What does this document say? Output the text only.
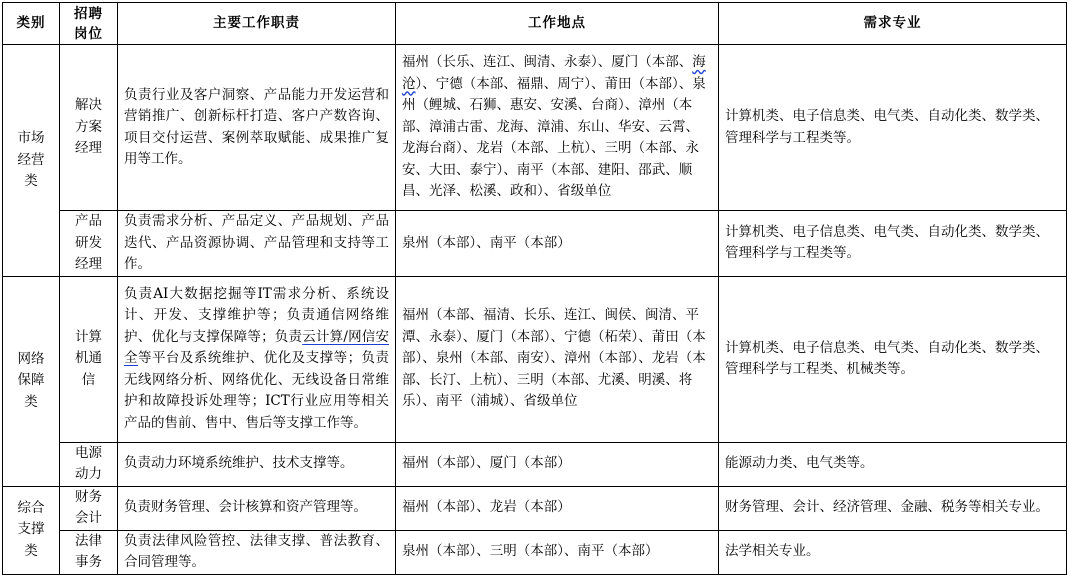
类别	招聘岗位	主要工作职责	工作地点	需求专业
市场经营类	解决方案经理	负责行业及客户洞察、产品能力开发运营和营销推广、创新标杆打造、客户产数咨询、项目交付运营、案例萃取赋能、成果推广复用等工作。	福州（长乐、连江、闽清、永泰）、厦门（本部、海沧）、宁德（本部、福鼎、周宁）、莆田（本部）、泉州（鲤城、石狮、惠安、安溪、台商）、漳州（本部、漳浦古雷、龙海、漳浦、东山、华安、云霄、龙海台商）、龙岩（本部、上杭）、三明（本部、永安、大田、泰宁）、南平（本部、建阳、邵武、顺昌、光泽、松溪、政和）、省级单位	计算机类、电子信息类、电气类、自动化类、数学类、管理科学与工程类等。
	产品研发经理	负责需求分析、产品定义、产品规划、产品迭代、产品资源协调、产品管理和支持等工作。	泉州（本部）、南平（本部）	计算机类、电子信息类、电气类、自动化类、数学类、管理科学与工程类等。
网络保障类	计算机通信	负责AI大数据挖掘等IT需求分析、系统设计、开发、支撑维护等；负责通信网络维护、优化与支撑保障等；负责云计算/网信安全等平台及系统维护、优化及支撑等；负责无线网络分析、网络优化、无线设备日常维护和故障投诉处理等；ICT行业应用等相关产品的售前、售中、售后等支撑工作等。	福州（本部、福清、长乐、连江、闽侯、闽清、平潭、永泰）、厦门（本部）、宁德（柘荣）、莆田（本部）、泉州（本部、南安）、漳州（本部）、龙岩（本部、长汀、上杭）、三明（本部、尤溪、明溪、将乐）、南平（浦城）、省级单位	计算机类、电子信息类、电气类、自动化类、数学类、管理科学与工程类、机械类等。
	电源动力	负责动力环境系统维护、技术支撑等。	福州（本部）、厦门（本部）	能源动力类、电气类等。
综合支撑类	财务会计	负责财务管理、会计核算和资产管理等。	福州（本部）、龙岩（本部）	财务管理、会计、经济管理、金融、税务等相关专业。
	法律事务	负责法律风险管控、法律支撑、普法教育、合同管理等。	泉州（本部）、三明（本部）、南平（本部）	法学相关专业。
